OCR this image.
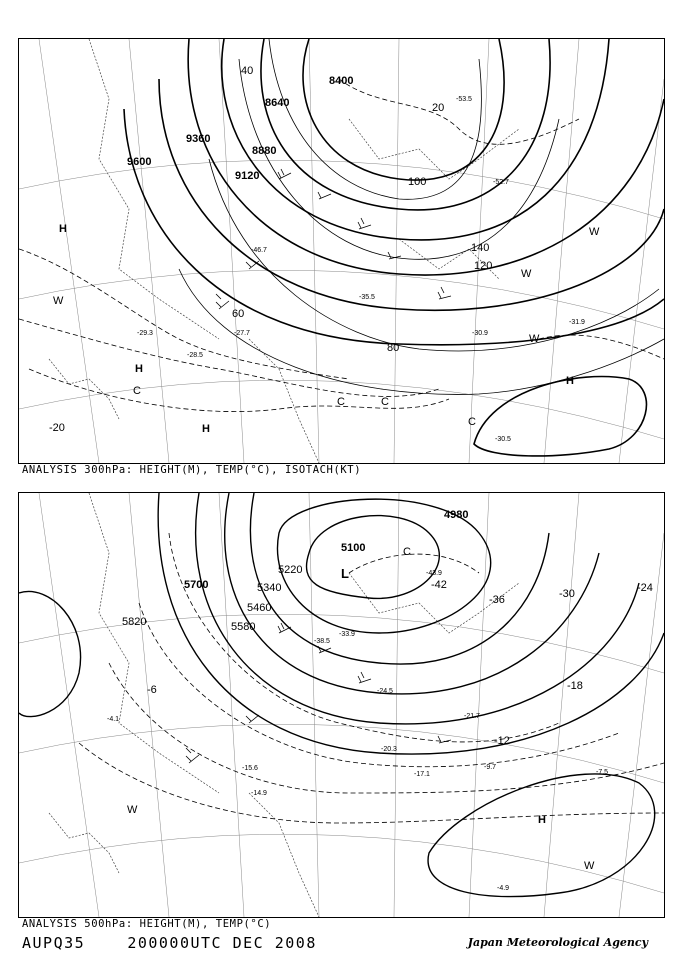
8400
8640
8880
9120
9360
9600
20
40
60
80
100
120
140
-53.5
-52.7
-46.7
-35.5
-31.9
-29.3
-28.5
-27.7	-30.9
-30.5
-20
H
H
H
H
C
C	C
C
W
W
W
W
ANALYSIS 300hPa: HEIGHT(M), TEMP(°C), ISOTACH(KT)
4980
5100
5220
5340
5460
5580
5700
5820
-42
-36	-30	-24
-18
-12
-6
-43.9
-38.5
-33.9
-24.5
-21.7
-20.3
-17.1
-15.6
-14.9
-9.7
-7.5
-4.9
-4.1
L
H
C
W
W
ANALYSIS 500hPa: HEIGHT(M), TEMP(°C)
AUPQ35	200000UTC DEC 2008	Japan Meteorological Agency
